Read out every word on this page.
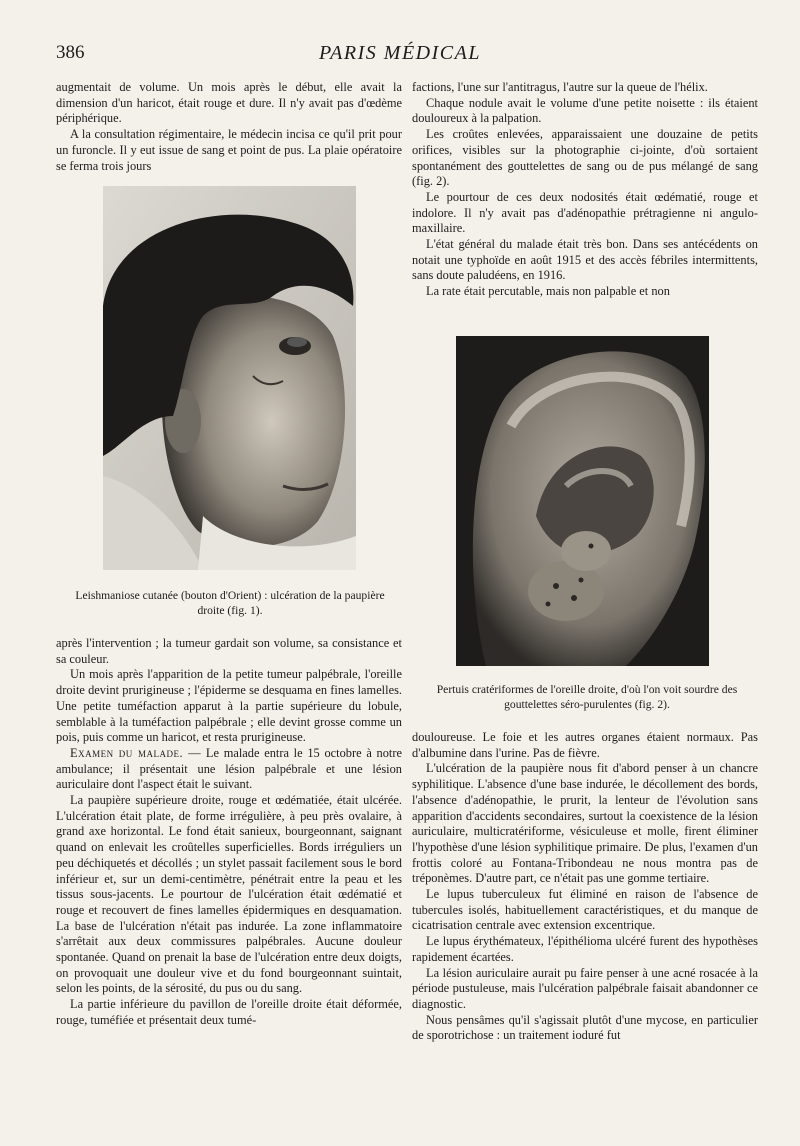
386	PARIS MÉDICAL

augmentait de volume. Un mois après le début, elle avait la dimension d'un haricot, était rouge et dure. Il n'y avait pas d'œdème périphérique.

A la consultation régimentaire, le médecin incisa ce qu'il prit pour un furoncle. Il y eut issue de sang et point de pus. La plaie opératoire se ferma trois jours

Leishmaniose cutanée (bouton d'Orient) : ulcération de la paupière droite (fig. 1).

après l'intervention ; la tumeur gardait son volume, sa consistance et sa couleur.

Un mois après l'apparition de la petite tumeur palpébrale, l'oreille droite devint prurigineuse ; l'épiderme se desquama en fines lamelles. Une petite tuméfaction apparut à la partie supérieure du lobule, semblable à la tuméfaction palpébrale ; elle devint grosse comme un pois, puis comme un haricot, et resta prurigineuse.

Examen du malade. — Le malade entra le 15 octobre à notre ambulance; il présentait une lésion palpébrale et une lésion auriculaire dont l'aspect était le suivant.

La paupière supérieure droite, rouge et œdématiée, était ulcérée. L'ulcération était plate, de forme irrégulière, à peu près ovalaire, à grand axe horizontal. Le fond était sanieux, bourgeonnant, saignant quand on enlevait les croûtelles superficielles. Bords irréguliers un peu déchiquetés et décollés ; un stylet passait facilement sous le bord inférieur et, sur un demi-centimètre, pénétrait entre la peau et les tissus sous-jacents. Le pourtour de l'ulcération était œdématié et rouge et recouvert de fines lamelles épidermiques en desquamation. La base de l'ulcération n'était pas indurée. La zone inflammatoire s'arrêtait aux deux commissures palpébrales. Aucune douleur spontanée. Quand on prenait la base de l'ulcération entre deux doigts, on provoquait une douleur vive et du fond bourgeonnant suintait, selon les points, de la sérosité, du pus ou du sang.

La partie inférieure du pavillon de l'oreille droite était déformée, rouge, tuméfiée et présentait deux tumé-

factions, l'une sur l'antitragus, l'autre sur la queue de l'hélix.

Chaque nodule avait le volume d'une petite noisette : ils étaient douloureux à la palpation.

Les croûtes enlevées, apparaissaient une douzaine de petits orifices, visibles sur la photographie ci-jointe, d'où sortaient spontanément des gouttelettes de sang ou de pus mélangé de sang (fig. 2).

Le pourtour de ces deux nodosités était œdématié, rouge et indolore. Il n'y avait pas d'adénopathie prétragienne ni angulo-maxillaire.

L'état général du malade était très bon. Dans ses antécédents on notait une typhoïde en août 1915 et des accès fébriles intermittents, sans doute paludéens, en 1916.

La rate était percutable, mais non palpable et non

Pertuis cratériformes de l'oreille droite, d'où l'on voit sourdre des gouttelettes séro-purulentes (fig. 2).

douloureuse. Le foie et les autres organes étaient normaux. Pas d'albumine dans l'urine. Pas de fièvre.

L'ulcération de la paupière nous fit d'abord penser à un chancre syphilitique. L'absence d'une base indurée, le décollement des bords, l'absence d'adénopathie, le prurit, la lenteur de l'évolution sans apparition d'accidents secondaires, surtout la coexistence de la lésion auriculaire, multicratériforme, vésiculeuse et molle, firent éliminer l'hypothèse d'une lésion syphilitique primaire. De plus, l'examen d'un frottis coloré au Fontana-Tribondeau ne nous montra pas de tréponèmes. D'autre part, ce n'était pas une gomme tertiaire.

Le lupus tuberculeux fut éliminé en raison de l'absence de tubercules isolés, habituellement caractéristiques, et du manque de cicatrisation centrale avec extension excentrique.

Le lupus érythémateux, l'épithélioma ulcéré furent des hypothèses rapidement écartées.

La lésion auriculaire aurait pu faire penser à une acné rosacée à la période pustuleuse, mais l'ulcération palpébrale faisait abandonner ce diagnostic.

Nous pensâmes qu'il s'agissait plutôt d'une mycose, en particulier de sporotrichose : un traitement ioduré fut
